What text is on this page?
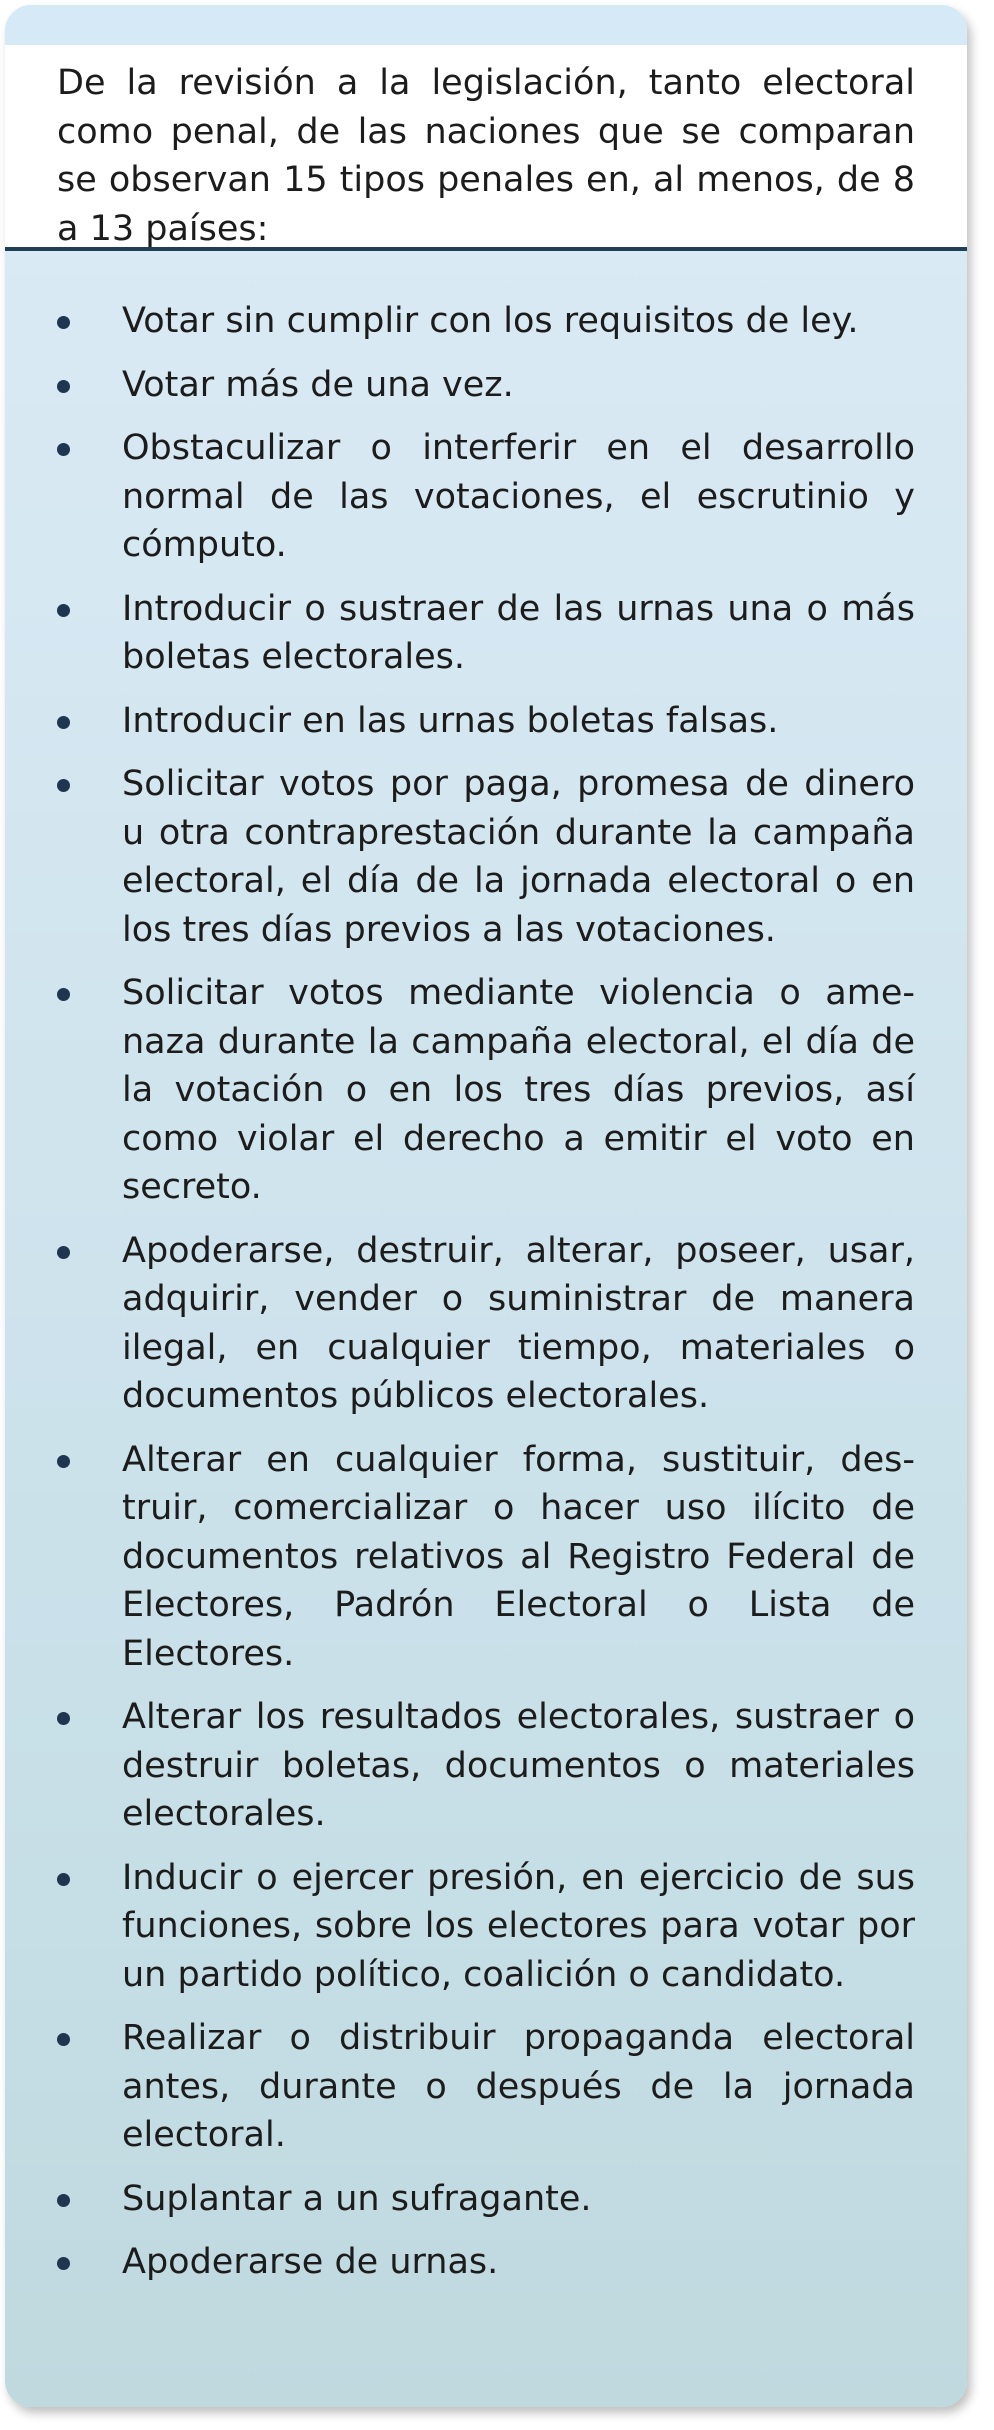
De la revisión a la legislación, tanto electoral como penal, de las naciones que se comparan se observan 15 tipos penales en, al menos, de 8 a 13 países:

Votar sin cumplir con los requisitos de ley.
Votar más de una vez.
Obstaculizar o interferir en el desarrollo normal de las votaciones, el escrutinio y cómputo.
Introducir o sustraer de las urnas una o más boletas electorales.
Introducir en las urnas boletas falsas.
Solicitar votos por paga, promesa de dinero u otra contraprestación durante la campaña electoral, el día de la jornada electoral o en los tres días previos a las votaciones.
Solicitar votos mediante violencia o amenaza durante la campaña electoral, el día de la votación o en los tres días previos, así como violar el derecho a emitir el voto en secreto.
Apoderarse, destruir, alterar, poseer, usar, adquirir, vender o suministrar de manera ilegal, en cualquier tiempo, materiales o documentos públicos electorales.
Alterar en cualquier forma, sustituir, destruir, comercializar o hacer uso ilícito de documentos relativos al Registro Federal de Electores, Padrón Electoral o Lista de Electores.
Alterar los resultados electorales, sustraer o destruir boletas, documentos o materiales electorales.
Inducir o ejercer presión, en ejercicio de sus funciones, sobre los electores para votar por un partido político, coalición o candidato.
Realizar o distribuir propaganda electoral antes, durante o después de la jornada electoral.
Suplantar a un sufragante.
Apoderarse de urnas.
